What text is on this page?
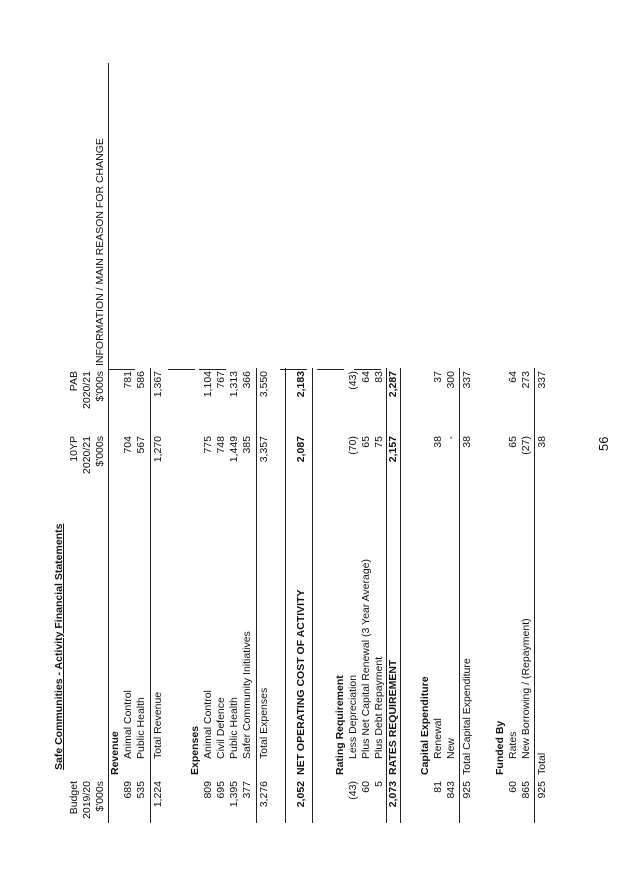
Safe Communities - Activity Financial Statements
Budget 2019/20 $'000s
10YP 2020/21 $'000s
PAB 2020/21 $'000s
INFORMATION / MAIN REASON FOR CHANGE
Revenue
689
Animal Control
704
781
535
Public Health
567
586
1,224
Total Revenue
1,270
1,367
Expenses
809
Animal Control
775
1,104
695
Civil Defence
748
767
1,395
Public Health
1,449
1,313
377
Safer Community Initiatives
385
366
3,276
Total Expenses
3,357
3,550
2,052
NET OPERATING COST OF ACTIVITY
2,087
2,183
Rating Requirement
(43)
Less Depreciation
(70)
(43)
60
Plus Net Capital Renewal (3 Year Average)
65
64
5
Plus Debt Repayment
75
83
2,073
RATES REQUIREMENT
2,157
2,287
Capital Expenditure
81
Renewal
38
37
843
New
-
300
925
Total Capital Expenditure
38
337
Funded By
60
Rates
65
64
865
New Borrowing / (Repayment)
(27)
273
925
Total
38
337
56
